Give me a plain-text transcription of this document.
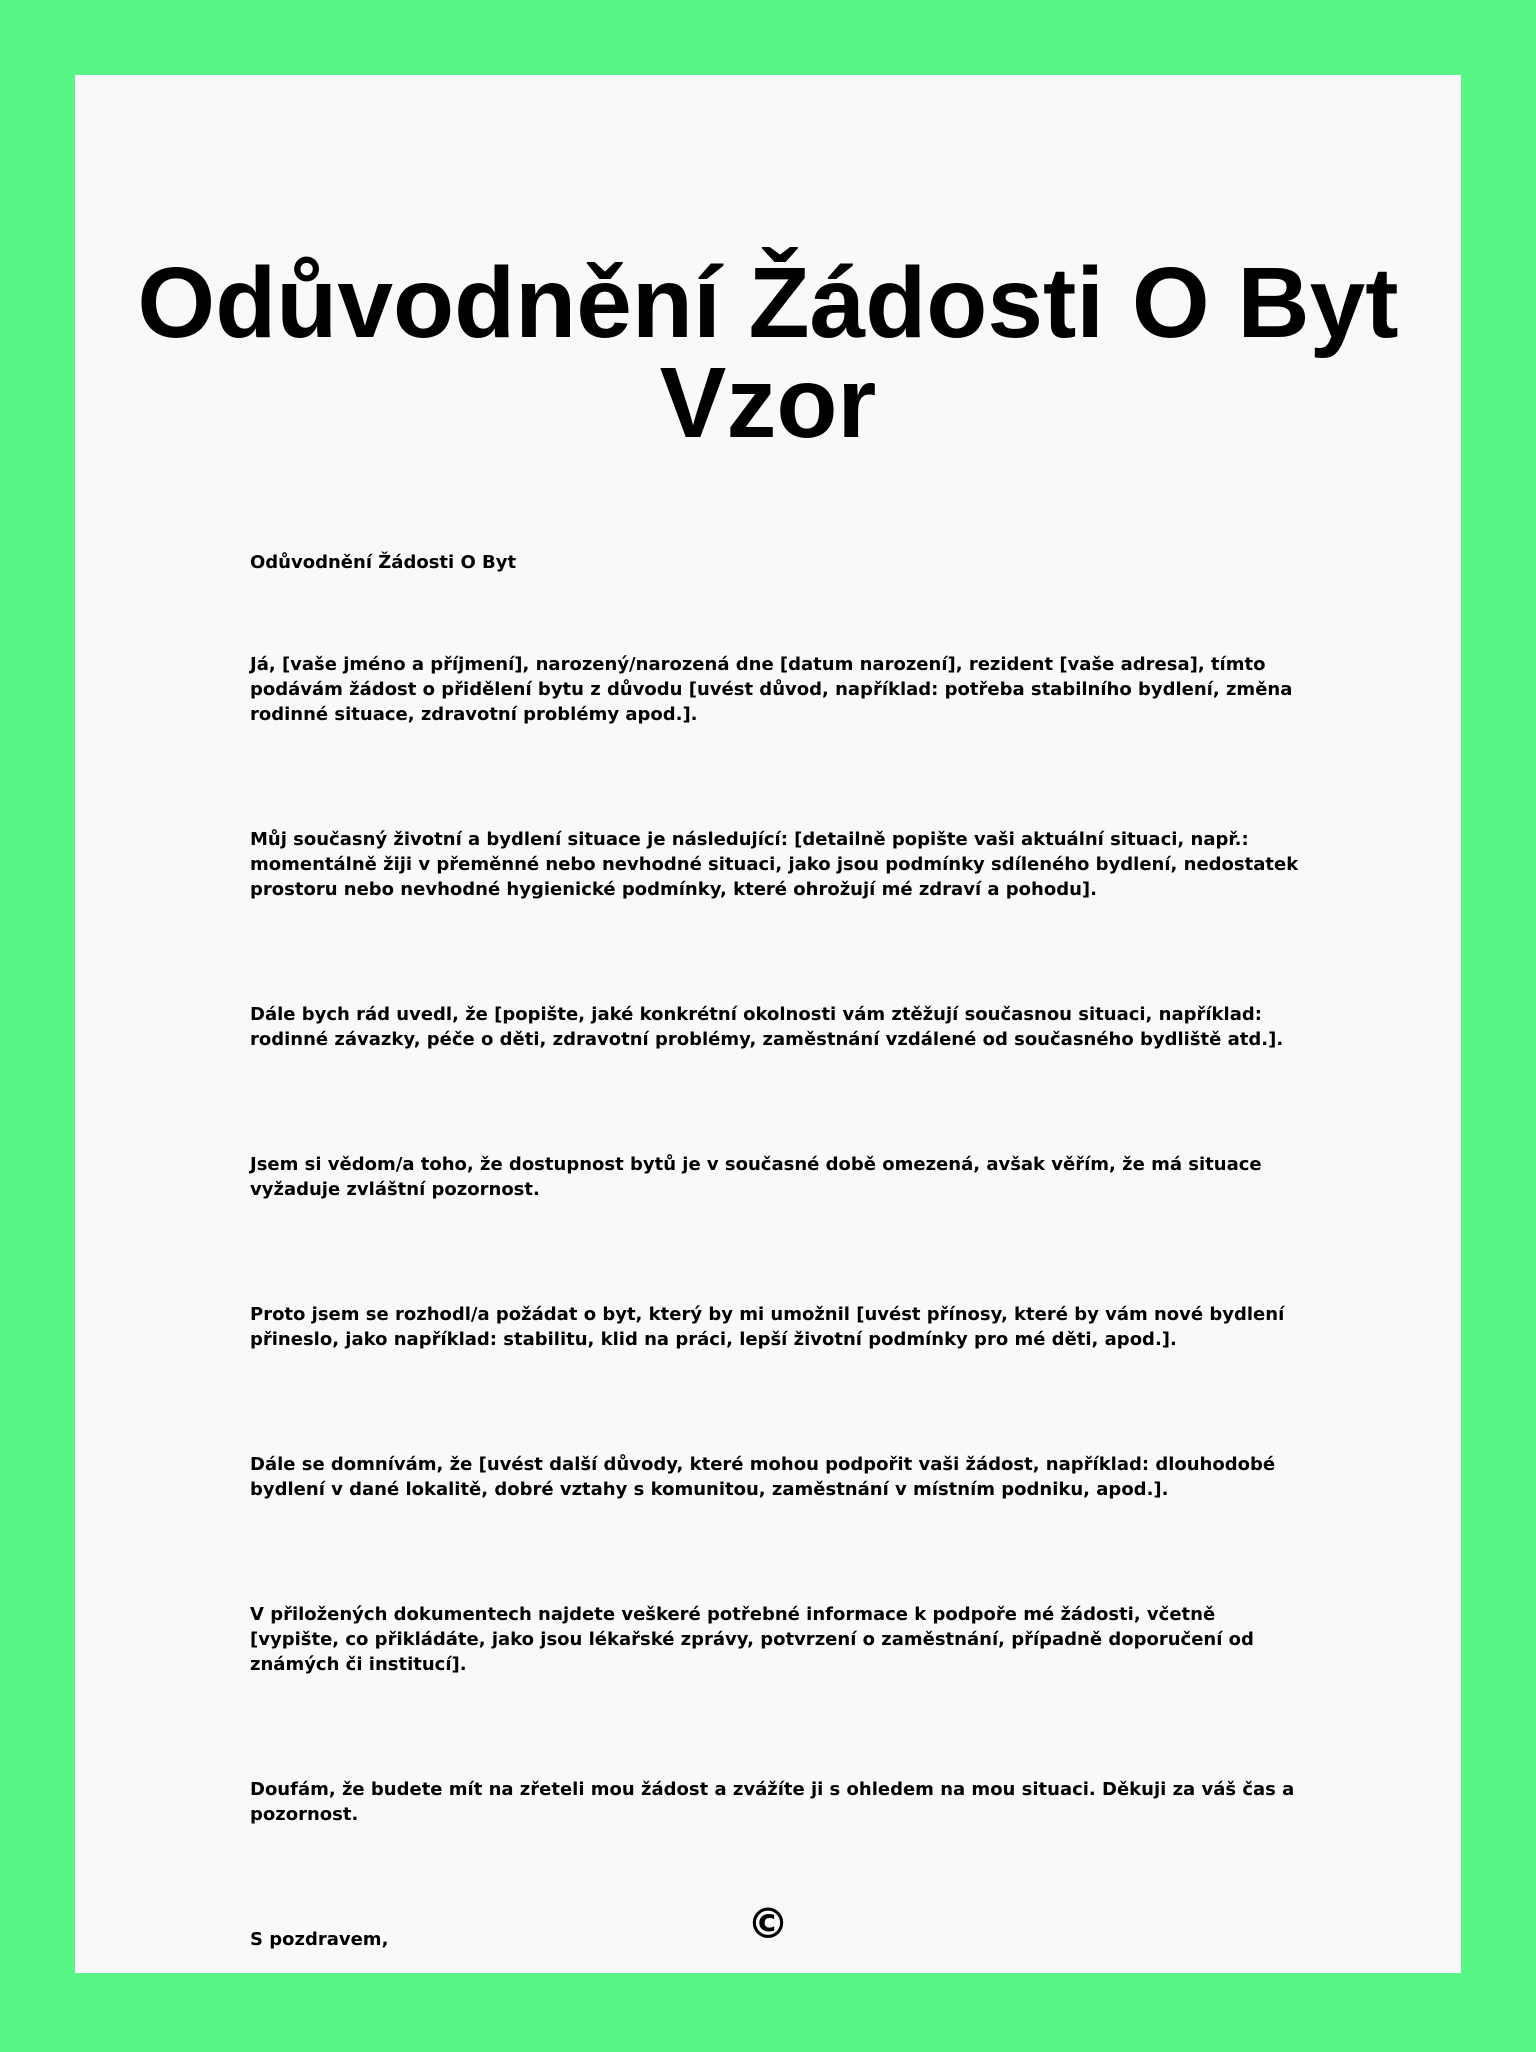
Odůvodnění Žádosti O Byt Vzor

Odůvodnění Žádosti O Byt

Já, [vaše jméno a příjmení], narozený/narozená dne [datum narození], rezident [vaše adresa], tímto podávám žádost o přidělení bytu z důvodu [uvést důvod, například: potřeba stabilního bydlení, změna rodinné situace, zdravotní problémy apod.].

Můj současný životní a bydlení situace je následující: [detailně popište vaši aktuální situaci, např.: momentálně žiji v přeměnné nebo nevhodné situaci, jako jsou podmínky sdíleného bydlení, nedostatek prostoru nebo nevhodné hygienické podmínky, které ohrožují mé zdraví a pohodu].

Dále bych rád uvedl, že [popište, jaké konkrétní okolnosti vám ztěžují současnou situaci, například: rodinné závazky, péče o děti, zdravotní problémy, zaměstnání vzdálené od současného bydliště atd.].

Jsem si vědom/a toho, že dostupnost bytů je v současné době omezená, avšak věřím, že má situace vyžaduje zvláštní pozornost.

Proto jsem se rozhodl/a požádat o byt, který by mi umožnil [uvést přínosy, které by vám nové bydlení přineslo, jako například: stabilitu, klid na práci, lepší životní podmínky pro mé děti, apod.].

Dále se domnívám, že [uvést další důvody, které mohou podpořit vaši žádost, například: dlouhodobé bydlení v dané lokalitě, dobré vztahy s komunitou, zaměstnání v místním podniku, apod.].

V přiložených dokumentech najdete veškeré potřebné informace k podpoře mé žádosti, včetně [vypište, co přikládáte, jako jsou lékařské zprávy, potvrzení o zaměstnání, případně doporučení od známých či institucí].

Doufám, že budete mít na zřeteli mou žádost a zvážíte ji s ohledem na mou situaci. Děkuji za váš čas a pozornost.

S pozdravem,	©
